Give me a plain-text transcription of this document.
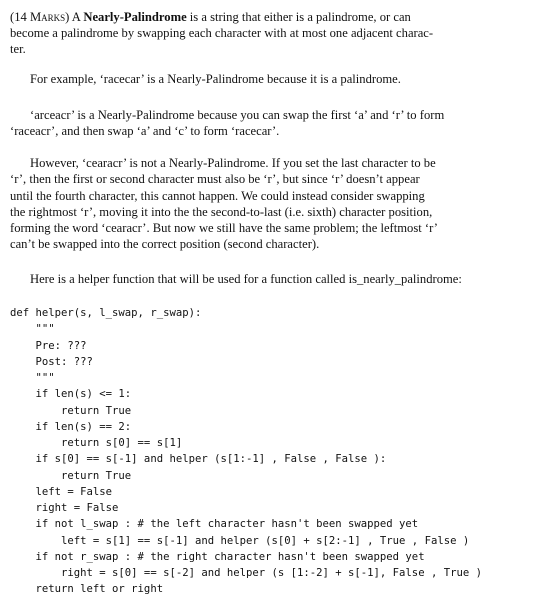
(14 Marks) A Nearly-Palindrome is a string that either is a palindrome, or can
become a palindrome by swapping each character with at most one adjacent charac-
ter.
For example, ‘racecar’ is a Nearly-Palindrome because it is a palindrome.
‘arceacr’ is a Nearly-Palindrome because you can swap the first ‘a’ and ‘r’ to form
‘raceacr’, and then swap ‘a’ and ‘c’ to form ‘racecar’.
However, ‘cearacr’ is not a Nearly-Palindrome. If you set the last character to be
‘r’, then the first or second character must also be ‘r’, but since ‘r’ doesn’t appear
until the fourth character, this cannot happen. We could instead consider swapping
the rightmost ‘r’, moving it into the the second-to-last (i.e. sixth) character position,
forming the word ‘cearacr’. But now we still have the same problem; the leftmost ‘r’
can’t be swapped into the correct position (second character).
Here is a helper function that will be used for a function called is_nearly_palindrome:
def helper(s, l_swap, r_swap):
"""
Pre: ???
Post: ???
"""
if len(s) <= 1:
return True
if len(s) == 2:
return s[0] == s[1]
if s[0] == s[-1] and helper (s[1:-1] , False , False ):
return True
left = False
right = False
if not l_swap : # the left character hasn't been swapped yet
left = s[1] == s[-1] and helper (s[0] + s[2:-1] , True , False )
if not r_swap : # the right character hasn't been swapped yet
right = s[0] == s[-2] and helper (s [1:-2] + s[-1], False , True )
return left or right
